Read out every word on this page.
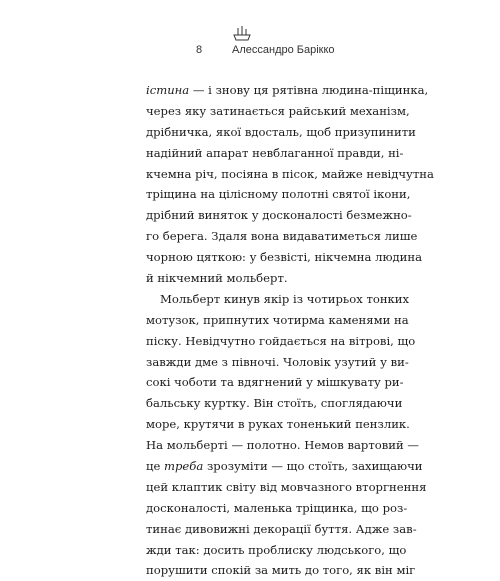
8	Алессандро Барікко
істина — і знову ця рятівна людина-піщинка,
через яку затинається райський механізм,
дрібничка, якої вдосталь, щоб призупинити
надійний апарат невблаганної правди, ні-
кчемна річ, посіяна в пісок, майже невідчутна
тріщина на цілісному полотні святої ікони,
дрібний виняток у досконалості безмежно-
го берега. Здаля вона видаватиметься лише
чорною цяткою: у безвісті, нікчемна людина
й нікчемний мольберт.
Мольберт кинув якір із чотирьох тонких
мотузок, припнутих чотирма каменями на
піску. Невідчутно гойдається на вітрові, що
завжди дме з півночі. Чоловік узутий у ви-
сокі чоботи та вдягнений у мішкувату ри-
бальську куртку. Він стоїть, споглядаючи
море, крутячи в руках тоненький пензлик.
На мольберті — полотно. Немов вартовий —
це треба зрозуміти — що стоїть, захищаючи
цей клаптик світу від мовчазного вторгнення
досконалості, маленька тріщинка, що роз-
тинає дивовижні декорації буття. Адже зав-
жди так: досить проблиску людського, що
порушити спокій за мить до того, як він міг
